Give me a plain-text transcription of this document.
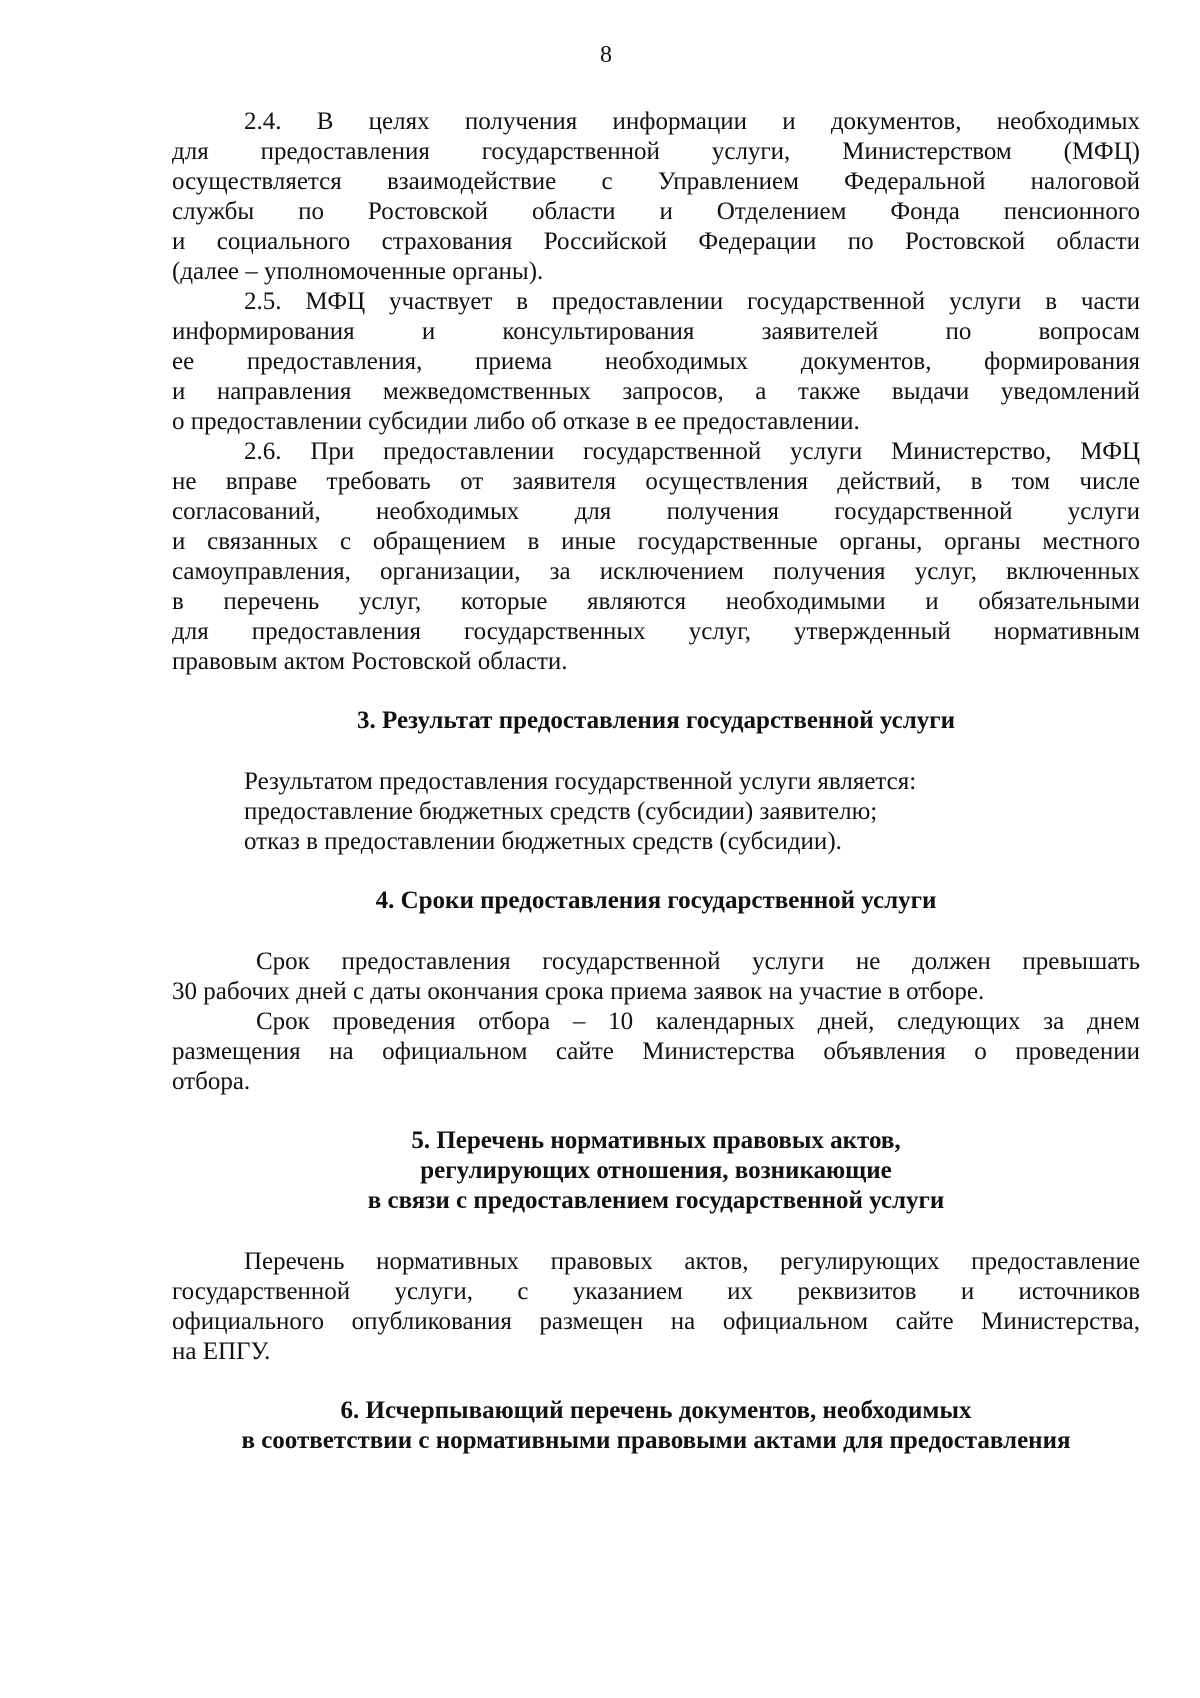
8
2.4. В целях получения информации и документов, необходимых
для предоставления государственной услуги, Министерством (МФЦ)
осуществляется взаимодействие с Управлением Федеральной налоговой
службы по Ростовской области и Отделением Фонда пенсионного
и социального страхования Российской Федерации по Ростовской области
(далее – уполномоченные органы).
2.5. МФЦ участвует в предоставлении государственной услуги в части
информирования и консультирования заявителей по вопросам
ее предоставления, приема необходимых документов, формирования
и направления межведомственных запросов, а также выдачи уведомлений
о предоставлении субсидии либо об отказе в ее предоставлении.
2.6. При предоставлении государственной услуги Министерство, МФЦ
не вправе требовать от заявителя осуществления действий, в том числе
согласований, необходимых для получения государственной услуги
и связанных с обращением в иные государственные органы, органы местного
самоуправления, организации, за исключением получения услуг, включенных
в перечень услуг, которые являются необходимыми и обязательными
для предоставления государственных услуг, утвержденный нормативным
правовым актом Ростовской области.
3. Результат предоставления государственной услуги
Результатом предоставления государственной услуги является:
предоставление бюджетных средств (субсидии) заявителю;
отказ в предоставлении бюджетных средств (субсидии).
4. Сроки предоставления государственной услуги
Срок предоставления государственной услуги не должен превышать
30 рабочих дней с даты окончания срока приема заявок на участие в отборе.
Срок проведения отбора – 10 календарных дней, следующих за днем
размещения на официальном сайте Министерства объявления о проведении
отбора.
5. Перечень нормативных правовых актов,
регулирующих отношения, возникающие
в связи с предоставлением государственной услуги
Перечень нормативных правовых актов, регулирующих предоставление
государственной услуги, с указанием их реквизитов и источников
официального опубликования размещен на официальном сайте Министерства,
на ЕПГУ.
6. Исчерпывающий перечень документов, необходимых
в соответствии с нормативными правовыми актами для предоставления
